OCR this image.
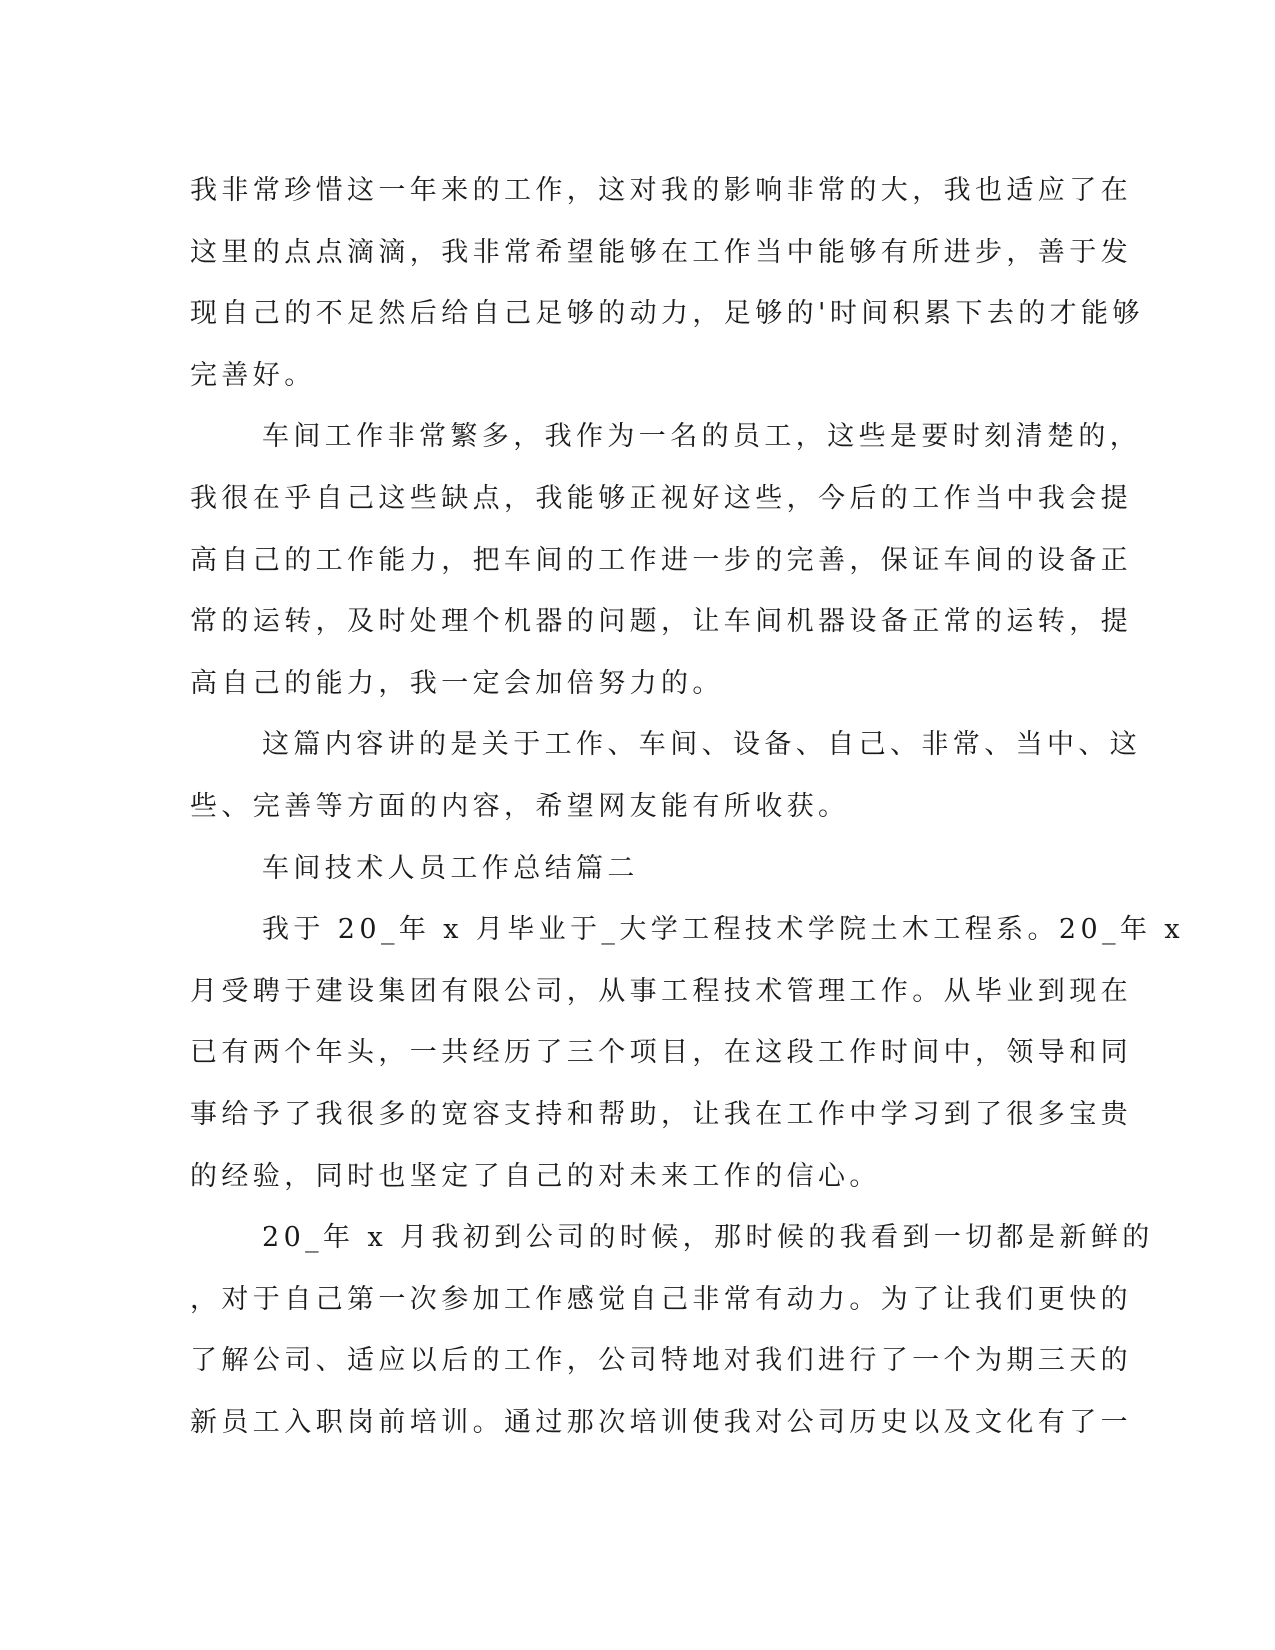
我非常珍惜这一年来的工作，这对我的影响非常的大，我也适应了在
这里的点点滴滴，我非常希望能够在工作当中能够有所进步，善于发
现自己的不足然后给自己足够的动力，足够的'时间积累下去的才能够
完善好。
车间工作非常繁多，我作为一名的员工，这些是要时刻清楚的，
我很在乎自己这些缺点，我能够正视好这些，今后的工作当中我会提
高自己的工作能力，把车间的工作进一步的完善，保证车间的设备正
常的运转，及时处理个机器的问题，让车间机器设备正常的运转，提
高自己的能力，我一定会加倍努力的。
这篇内容讲的是关于工作、车间、设备、自己、非常、当中、这
些、完善等方面的内容，希望网友能有所收获。
车间技术人员工作总结篇二
我于 20_年 x 月毕业于_大学工程技术学院土木工程系。20_年 x
月受聘于建设集团有限公司，从事工程技术管理工作。从毕业到现在
已有两个年头，一共经历了三个项目，在这段工作时间中，领导和同
事给予了我很多的宽容支持和帮助，让我在工作中学习到了很多宝贵
的经验，同时也坚定了自己的对未来工作的信心。
20_年 x 月我初到公司的时候，那时候的我看到一切都是新鲜的
，对于自己第一次参加工作感觉自己非常有动力。为了让我们更快的
了解公司、适应以后的工作，公司特地对我们进行了一个为期三天的
新员工入职岗前培训。通过那次培训使我对公司历史以及文化有了一
